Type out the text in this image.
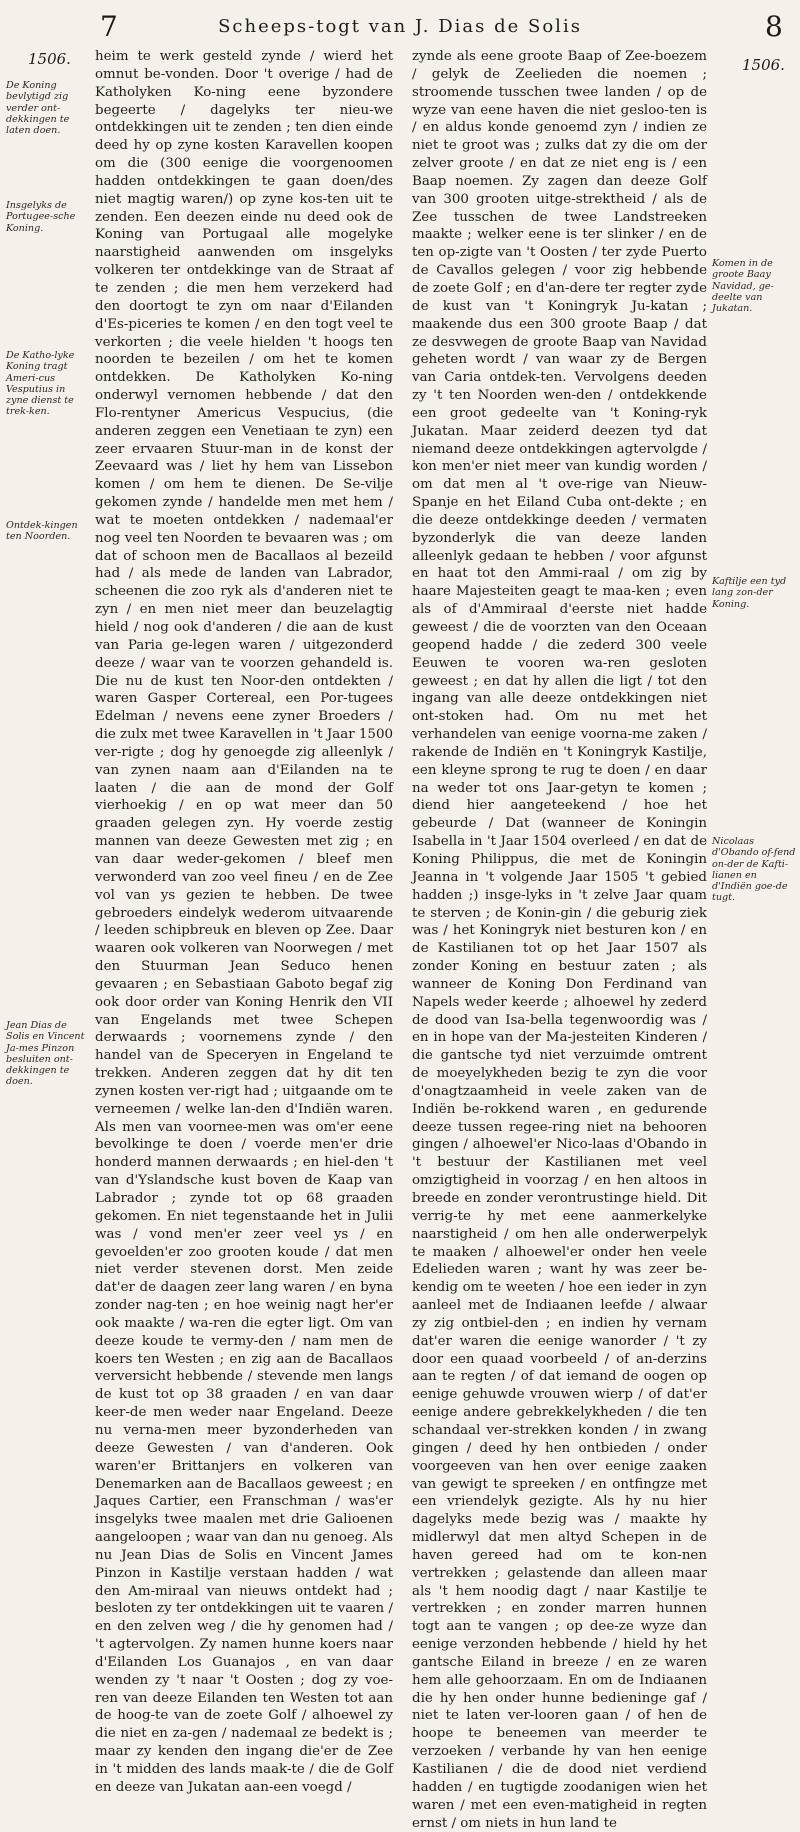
7	Scheeps-togt van J. Dias de Solis	8
1506.	1506.
De Koning bevlytigd zig verder ont-dekkingen te laten doen.
Insgelyks de Portugee-sche Koning.
De Katho-lyke Koning tragt Ameri-cus Vesputius in zyne dienst te trek-ken.
Ontdek-kingen ten Noorden.
Jean Dias de Solis en Vincent Ja-mes Pinzon besluiten ont-dekkingen te doen.
Komen in de groote Baay Navidad, ge-deelte van Jukatan.
Kaftilje een tyd lang zon-der Koning.
Nicolaas d'Obando of-fend on-der de Kafti-lianen en d'Indiën goe-de tugt.

heim te werk gesteld zynde / wierd het omnut be-vonden. Door 't overige / had de Katholyken Ko-ning eene byzondere begeerte / dagelyks ter nieu-we ontdekkingen uit te zenden ; ten dien einde deed hy op zyne kosten Karavellen koopen om die (300 eenige die voorgenoomen hadden ontdekkingen te gaan doen/des niet magtig waren/) op zyne kos-ten uit te zenden. Een deezen einde nu deed ook de Koning van Portugaal alle mogelyke naarstigheid aanwenden om insgelyks volkeren ter ontdekkinge van de Straat af te zenden ; die men hem verzekerd had den doortogt te zyn om naar d'Eilanden d'Es-piceries te komen / en den togt veel te verkorten ; die veele hielden 't hoogs ten noorden te bezeilen / om het te komen ontdekken. De Katholyken Ko-ning onderwyl vernomen hebbende / dat den Flo-rentyner Americus Vespucius, (die anderen zeggen een Venetiaan te zyn) een zeer ervaaren Stuur-man in de konst der Zeevaard was / liet hy hem van Lissebon komen / om hem te dienen. De Se-vilje gekomen zynde / handelde men met hem / wat te moeten ontdekken / nademaal'er nog veel ten Noorden te bevaaren was ; om dat of schoon men de Bacallaos al bezeild had / als mede de landen van Labrador, scheenen die zoo ryk als d'anderen niet te zyn / en men niet meer dan beuzelagtig hield / nog ook d'anderen / die aan de kust van Paria ge-legen waren / uitgezonderd deeze / waar van te voorzen gehandeld is. Die nu de kust ten Noor-den ontdekten / waren Gasper Cortereal, een Por-tugees Edelman / nevens eene zyner Broeders / die zulx met twee Karavellen in 't Jaar 1500 ver-rigte ; dog hy genoegde zig alleenlyk / van zynen naam aan d'Eilanden na te laaten / die aan de mond der Golf vierhoekig / en op wat meer dan 50 graaden gelegen zyn. Hy voerde zestig mannen van deeze Gewesten met zig ; en van daar weder-gekomen / bleef men verwonderd van zoo veel fineu / en de Zee vol van ys gezien te hebben. De twee gebroeders eindelyk wederom uitvaarende / leeden schipbreuk en bleven op Zee. Daar waaren ook volkeren van Noorwegen / met den Stuurman Jean Seduco henen gevaaren ; en Sebastiaan Gaboto begaf zig ook door order van Koning Henrik den VII van Engelands met twee Schepen derwaards ; voornemens zynde / den handel van de Speceryen in Engeland te trekken. Anderen zeggen dat hy dit ten zynen kosten ver-rigt had ; uitgaande om te verneemen / welke lan-den d'Indiën waren. Als men van voornee-men was om'er eene bevolkinge te doen / voerde men'er drie honderd mannen derwaards ; en hiel-den 't van d'Yslandsche kust boven de Kaap van Labrador ; zynde tot op 68 graaden gekomen. En niet tegenstaande het in Julii was / vond men'er zeer veel ys / en gevoelden'er zoo grooten koude / dat men niet verder stevenen dorst. Men zeide dat'er de daagen zeer lang waren / en byna zonder nag-ten ; en hoe weinig nagt her'er ook maakte / wa-ren die egter ligt. Om van deeze koude te vermy-den / nam men de koers ten Westen ; en zig aan de Bacallaos verversicht hebbende / stevende men langs de kust tot op 38 graaden / en van daar keer-de men weder naar Engeland. Deeze nu verna-men meer byzonderheden van deeze Gewesten / van d'anderen. Ook waren'er Brittanjers en volkeren van Denemarken aan de Bacallaos geweest ; en Jaques Cartier, een Franschman / was'er insgelyks twee maalen met drie Galioenen aangeloopen ; waar van dan nu genoeg. Als nu Jean Dias de Solis en Vincent James Pinzon in Kastilje verstaan hadden / wat den Am-miraal van nieuws ontdekt had ; besloten zy ter ontdekkingen uit te vaaren / en den zelven weg / die hy genomen had / 't agtervolgen. Zy namen hunne koers naar d'Eilanden Los Guanajos , en van daar wenden zy 't naar 't Oosten ; dog zy voe-ren van deeze Eilanden ten Westen tot aan de hoog-te van de zoete Golf / alhoewel zy die niet en za-gen / nademaal ze bedekt is ; maar zy kenden den ingang die'er de Zee in 't midden des lands maak-te / die de Golf en deeze van Jukatan aan-een voegd /

zynde als eene groote Baap of Zee-boezem / gelyk de Zeelieden die noemen ; stroomende tusschen twee landen / op de wyze van eene haven die niet gesloo-ten is / en aldus konde genoemd zyn / indien ze niet te groot was ; zulks dat zy die om der zelver groote / en dat ze niet eng is / een Baap noemen. Zy zagen dan deeze Golf van 300 grooten uitge-strektheid / als de Zee tusschen de twee Landstreeken maakte ; welker eene is ter slinker / en de ten op-zigte van 't Oosten / ter zyde Puerto de Cavallos gelegen / voor zig hebbende de zoete Golf ; en d'an-dere ter regter zyde de kust van 't Koningryk Ju-katan ; maakende dus een 300 groote Baap / dat ze desvwegen de groote Baap van Navidad geheten wordt / van waar zy de Bergen van Caria ontdek-ten. Vervolgens deeden zy 't ten Noorden wen-den / ontdekkende een groot gedeelte van 't Koning-ryk Jukatan. Maar zeiderd deezen tyd dat niemand deeze ontdekkingen agtervolgde / kon men'er niet meer van kundig worden / om dat men al 't ove-rige van Nieuw-Spanje en het Eiland Cuba ont-dekte ; en die deeze ontdekkinge deeden / vermaten byzonderlyk die van deeze landen alleenlyk gedaan te hebben / voor afgunst en haat tot den Ammi-raal / om zig by haare Majesteiten geagt te maa-ken ; even als of d'Ammiraal d'eerste niet hadde geweest / die de voorzten van den Oceaan geopend hadde / die zederd 300 veele Eeuwen te vooren wa-ren gesloten geweest ; en dat hy allen die ligt / tot den ingang van alle deeze ontdekkingen niet ont-stoken had. Om nu met het verhandelen van eenige voorna-me zaken / rakende de Indiën en 't Koningryk Kastilje, een kleyne sprong te rug te doen / en daar na weder tot ons Jaar-getyn te komen ; diend hier aangeteekend / hoe het gebeurde / Dat (wanneer de Koningin Isabella in 't Jaar 1504 overleed / en dat de Koning Philippus, die met de Koningin Jeanna in 't volgende Jaar 1505 't gebied hadden ;) insge-lyks in 't zelve Jaar quam te sterven ; de Konin-gin / die geburig ziek was / het Koningryk niet besturen kon / en de Kastilianen tot op het Jaar 1507 als zonder Koning en bestuur zaten ; als wanneer de Koning Don Ferdinand van Napels weder keerde ; alhoewel hy zederd de dood van Isa-bella tegenwoordig was / en in hope van der Ma-jesteiten Kinderen / die gantsche tyd niet verzuimde omtrent de moeyelykheden bezig te zyn die voor d'onagtzaamheid in veele zaken van de Indiën be-rokkend waren , en gedurende deeze tussen regee-ring niet na behooren gingen / alhoewel'er Nico-laas d'Obando in 't bestuur der Kastilianen met veel omzigtigheid in voorzag / en hen altoos in breede en zonder verontrustinge hield. Dit verrig-te hy met eene aanmerkelyke naarstigheid / om hen alle onderwerpelyk te maaken / alhoewel'er onder hen veele Edelieden waren ; want hy was zeer be-kendig om te weeten / hoe een ieder in zyn aanleel met de Indiaanen leefde / alwaar zy zig ontbiel-den ; en indien hy vernam dat'er waren die eenige wanorder / 't zy door een quaad voorbeeld / of an-derzins aan te regten / of dat iemand de oogen op eenige gehuwde vrouwen wierp / of dat'er eenige andere gebrekkelykheden / die ten schandaal ver-strekken konden / in zwang gingen / deed hy hen ontbieden / onder voorgeeven van hen over eenige zaaken van gewigt te spreeken / en ontfingze met een vriendelyk gezigte. Als hy nu hier dagelyks mede bezig was / maakte hy midlerwyl dat men altyd Schepen in de haven gereed had om te kon-nen vertrekken ; gelastende dan alleen maar als 't hem noodig dagt / naar Kastilje te vertrekken ; en zonder marren hunnen togt aan te vangen ; op dee-ze wyze dan eenige verzonden hebbende / hield hy het gantsche Eiland in breeze / en ze waren hem alle gehoorzaam. En om de Indiaanen die hy hen onder hunne bedieninge gaf / niet te laten ver-looren gaan / of hen de hoope te beneemen van meerder te verzoeken / verbande hy van hen eenige Kastilianen / die de dood niet verdiend hadden / en tugtigde zoodanigen wien het waren / met een even-matigheid in regten ernst / om niets in hun land te
